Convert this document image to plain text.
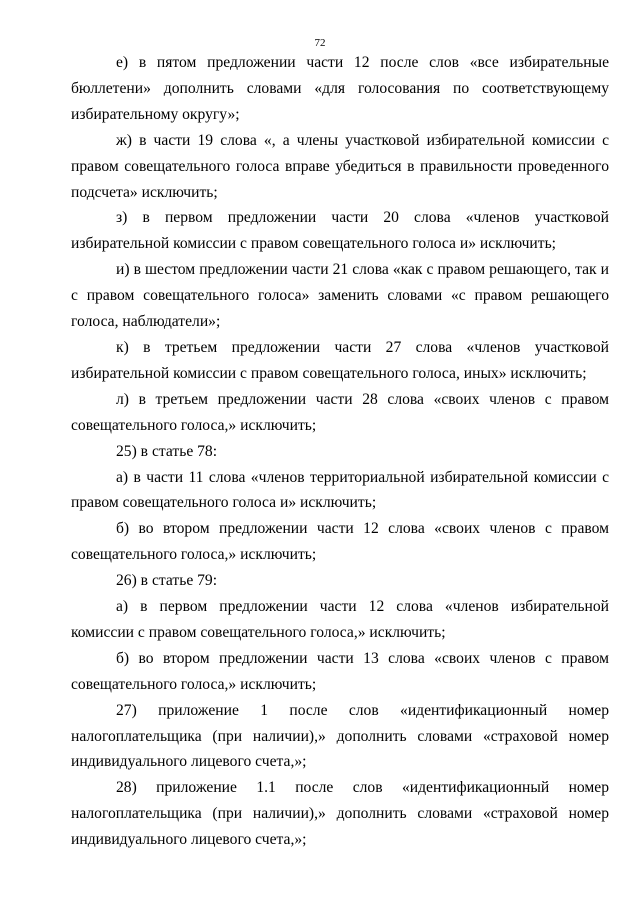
72

е) в пятом предложении части 12 после слов «все избирательные бюллетени» дополнить словами «для голосования по соответствующему избирательному округу»;

ж) в части 19 слова «, а члены участковой избирательной комиссии с правом совещательного голоса вправе убедиться в правильности проведенного подсчета» исключить;

з) в первом предложении части 20 слова «членов участковой избирательной комиссии с правом совещательного голоса и» исключить;

и) в шестом предложении части 21 слова «как с правом решающего, так и с правом совещательного голоса» заменить словами «с правом решающего голоса, наблюдатели»;

к) в третьем предложении части 27 слова «членов участковой избирательной комиссии с правом совещательного голоса, иных» исключить;

л) в третьем предложении части 28 слова «своих членов с правом совещательного голоса,» исключить;

25) в статье 78:

а) в части 11 слова «членов территориальной избирательной комиссии с правом совещательного голоса и» исключить;

б) во втором предложении части 12 слова «своих членов с правом совещательного голоса,» исключить;

26) в статье 79:

а) в первом предложении части 12 слова «членов избирательной комиссии с правом совещательного голоса,» исключить;

б) во втором предложении части 13 слова «своих членов с правом совещательного голоса,» исключить;

27) приложение 1 после слов «идентификационный номер налогоплательщика (при наличии),» дополнить словами «страховой номер индивидуального лицевого счета,»;

28) приложение 1.1 после слов «идентификационный номер налогоплательщика (при наличии),» дополнить словами «страховой номер индивидуального лицевого счета,»;
